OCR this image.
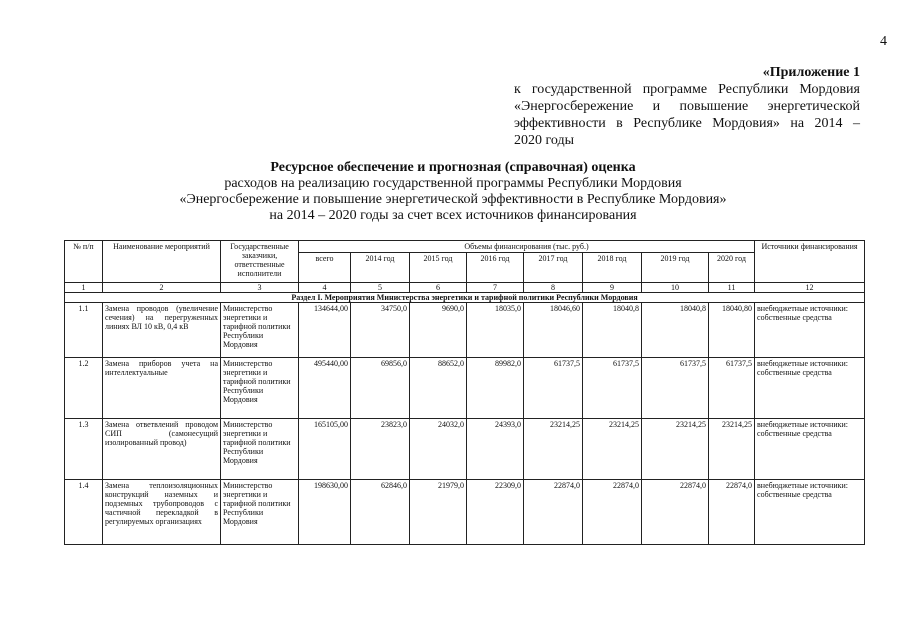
4
«Приложение 1
к государственной программе Республики Мордовия
«Энергосбережение и повышение энергетической
эффективности в Республике Мордовия» на 2014 –
2020 годы
Ресурсное обеспечение и прогнозная (справочная) оценка
расходов на реализацию государственной программы Республики Мордовия
«Энергосбережение и повышение энергетической эффективности в Республике Мордовия»
на 2014 – 2020 годы за счет всех источников финансирования
№ п/п	Наименование мероприятий	Государственные заказчики, ответственные исполнители	Объемы финансирования (тыс. руб.)								Источники финансирования
			всего	2014 год	2015 год	2016 год	2017 год	2018 год	2019 год	2020 год	
1	2	3	4	5	6	7	8	9	10	11	12
Раздел I. Мероприятия Министерства энергетики и тарифной политики Республики Мордовия											
1.1	Замена проводов (увеличение сечения) на перегруженных линиях ВЛ 10 кВ, 0,4 кВ	Министерство энергетики и тарифной политики Республики Мордовия	134644,00	34750,0	9690,0	18035,0	18046,60	18040,8	18040,8	18040,80	внебюджетные источники: собственные средства
1.2	Замена приборов учета на интеллектуальные	Министерство энергетики и тарифной политики Республики Мордовия	495440,00	69856,0	88652,0	89982,0	61737,5	61737,5	61737,5	61737,5	внебюджетные источники: собственные средства
1.3	Замена ответвлений проводом СИП (самонесущий изолированный провод)	Министерство энергетики и тарифной политики Республики Мордовия	165105,00	23823,0	24032,0	24393,0	23214,25	23214,25	23214,25	23214,25	внебюджетные источники: собственные средства
1.4	Замена теплоизоляционных конструкций наземных и подземных трубопроводов с частичной перекладкой в регулируемых организациях	Министерство энергетики и тарифной политики Республики Мордовия	198630,00	62846,0	21979,0	22309,0	22874,0	22874,0	22874,0	22874,0	внебюджетные источники: собственные средства
